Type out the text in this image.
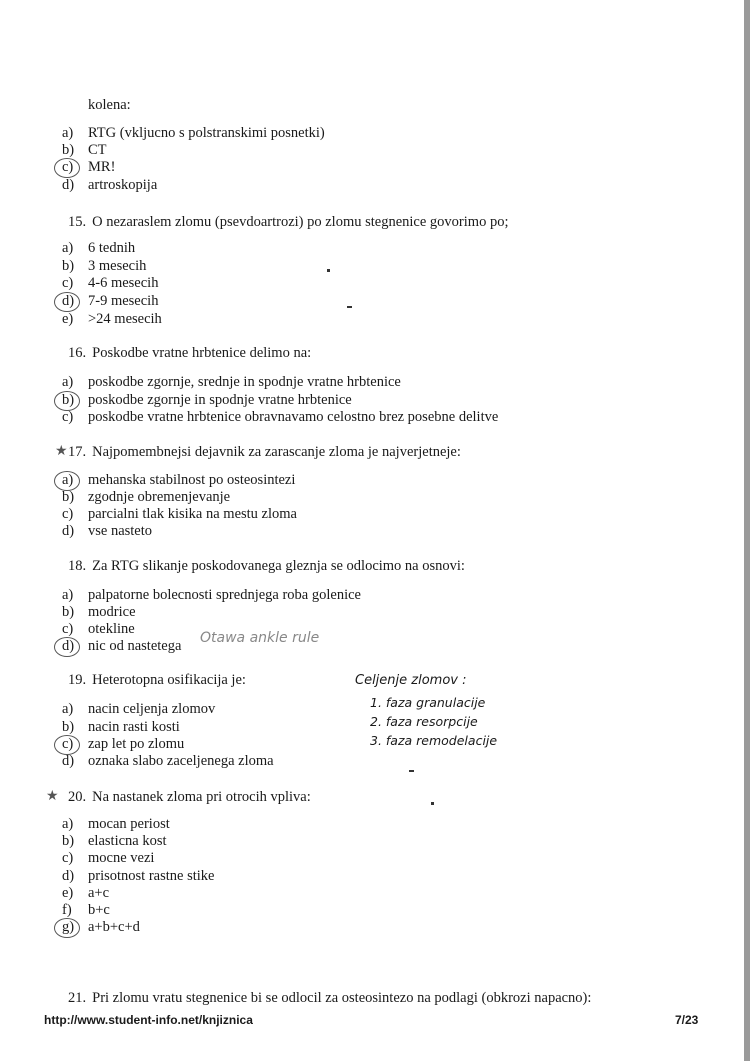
kolena:
★
★
Otawa ankle rule
Celjenje zlomov :
1. faza granulacije
2. faza resorpcije
3. faza remodelacije
http://www.student-info.net/knjiznica	7/23
a) RTG (vkljucno s polstranskimi posnetki)
b) CT
c) MR!
d) artroskopija
15. O nezaraslem zlomu (psevdoartrozi) po zlomu stegnenice govorimo po;
a) 6 tednih
b) 3 mesecih
c) 4-6 mesecih
d) 7-9 mesecih
e) >24 mesecih
16. Poskodbe vratne hrbtenice delimo na:
a) poskodbe zgornje, srednje in spodnje vratne hrbtenice
b) poskodbe zgornje in spodnje vratne hrbtenice
c) poskodbe vratne hrbtenice obravnavamo celostno brez posebne delitve
17. Najpomembnejsi dejavnik za zarascanje zloma je najverjetneje:
a) mehanska stabilnost po osteosintezi
b) zgodnje obremenjevanje
c) parcialni tlak kisika na mestu zloma
d) vse nasteto
18. Za RTG slikanje poskodovanega gleznja se odlocimo na osnovi:
a) palpatorne bolecnosti sprednjega roba golenice
b) modrice
c) otekline
d) nic od nastetega
19. Heterotopna osifikacija je:
a) nacin celjenja zlomov
b) nacin rasti kosti
c) zap let po zlomu
d) oznaka slabo zaceljenega zloma
20. Na nastanek zloma pri otrocih vpliva:
a) mocan periost
b) elasticna kost
c) mocne vezi
d) prisotnost rastne stike
e) a+c
f) b+c
g) a+b+c+d
21. Pri zlomu vratu stegnenice bi se odlocil za osteosintezo na podlagi (obkrozi napacno):
